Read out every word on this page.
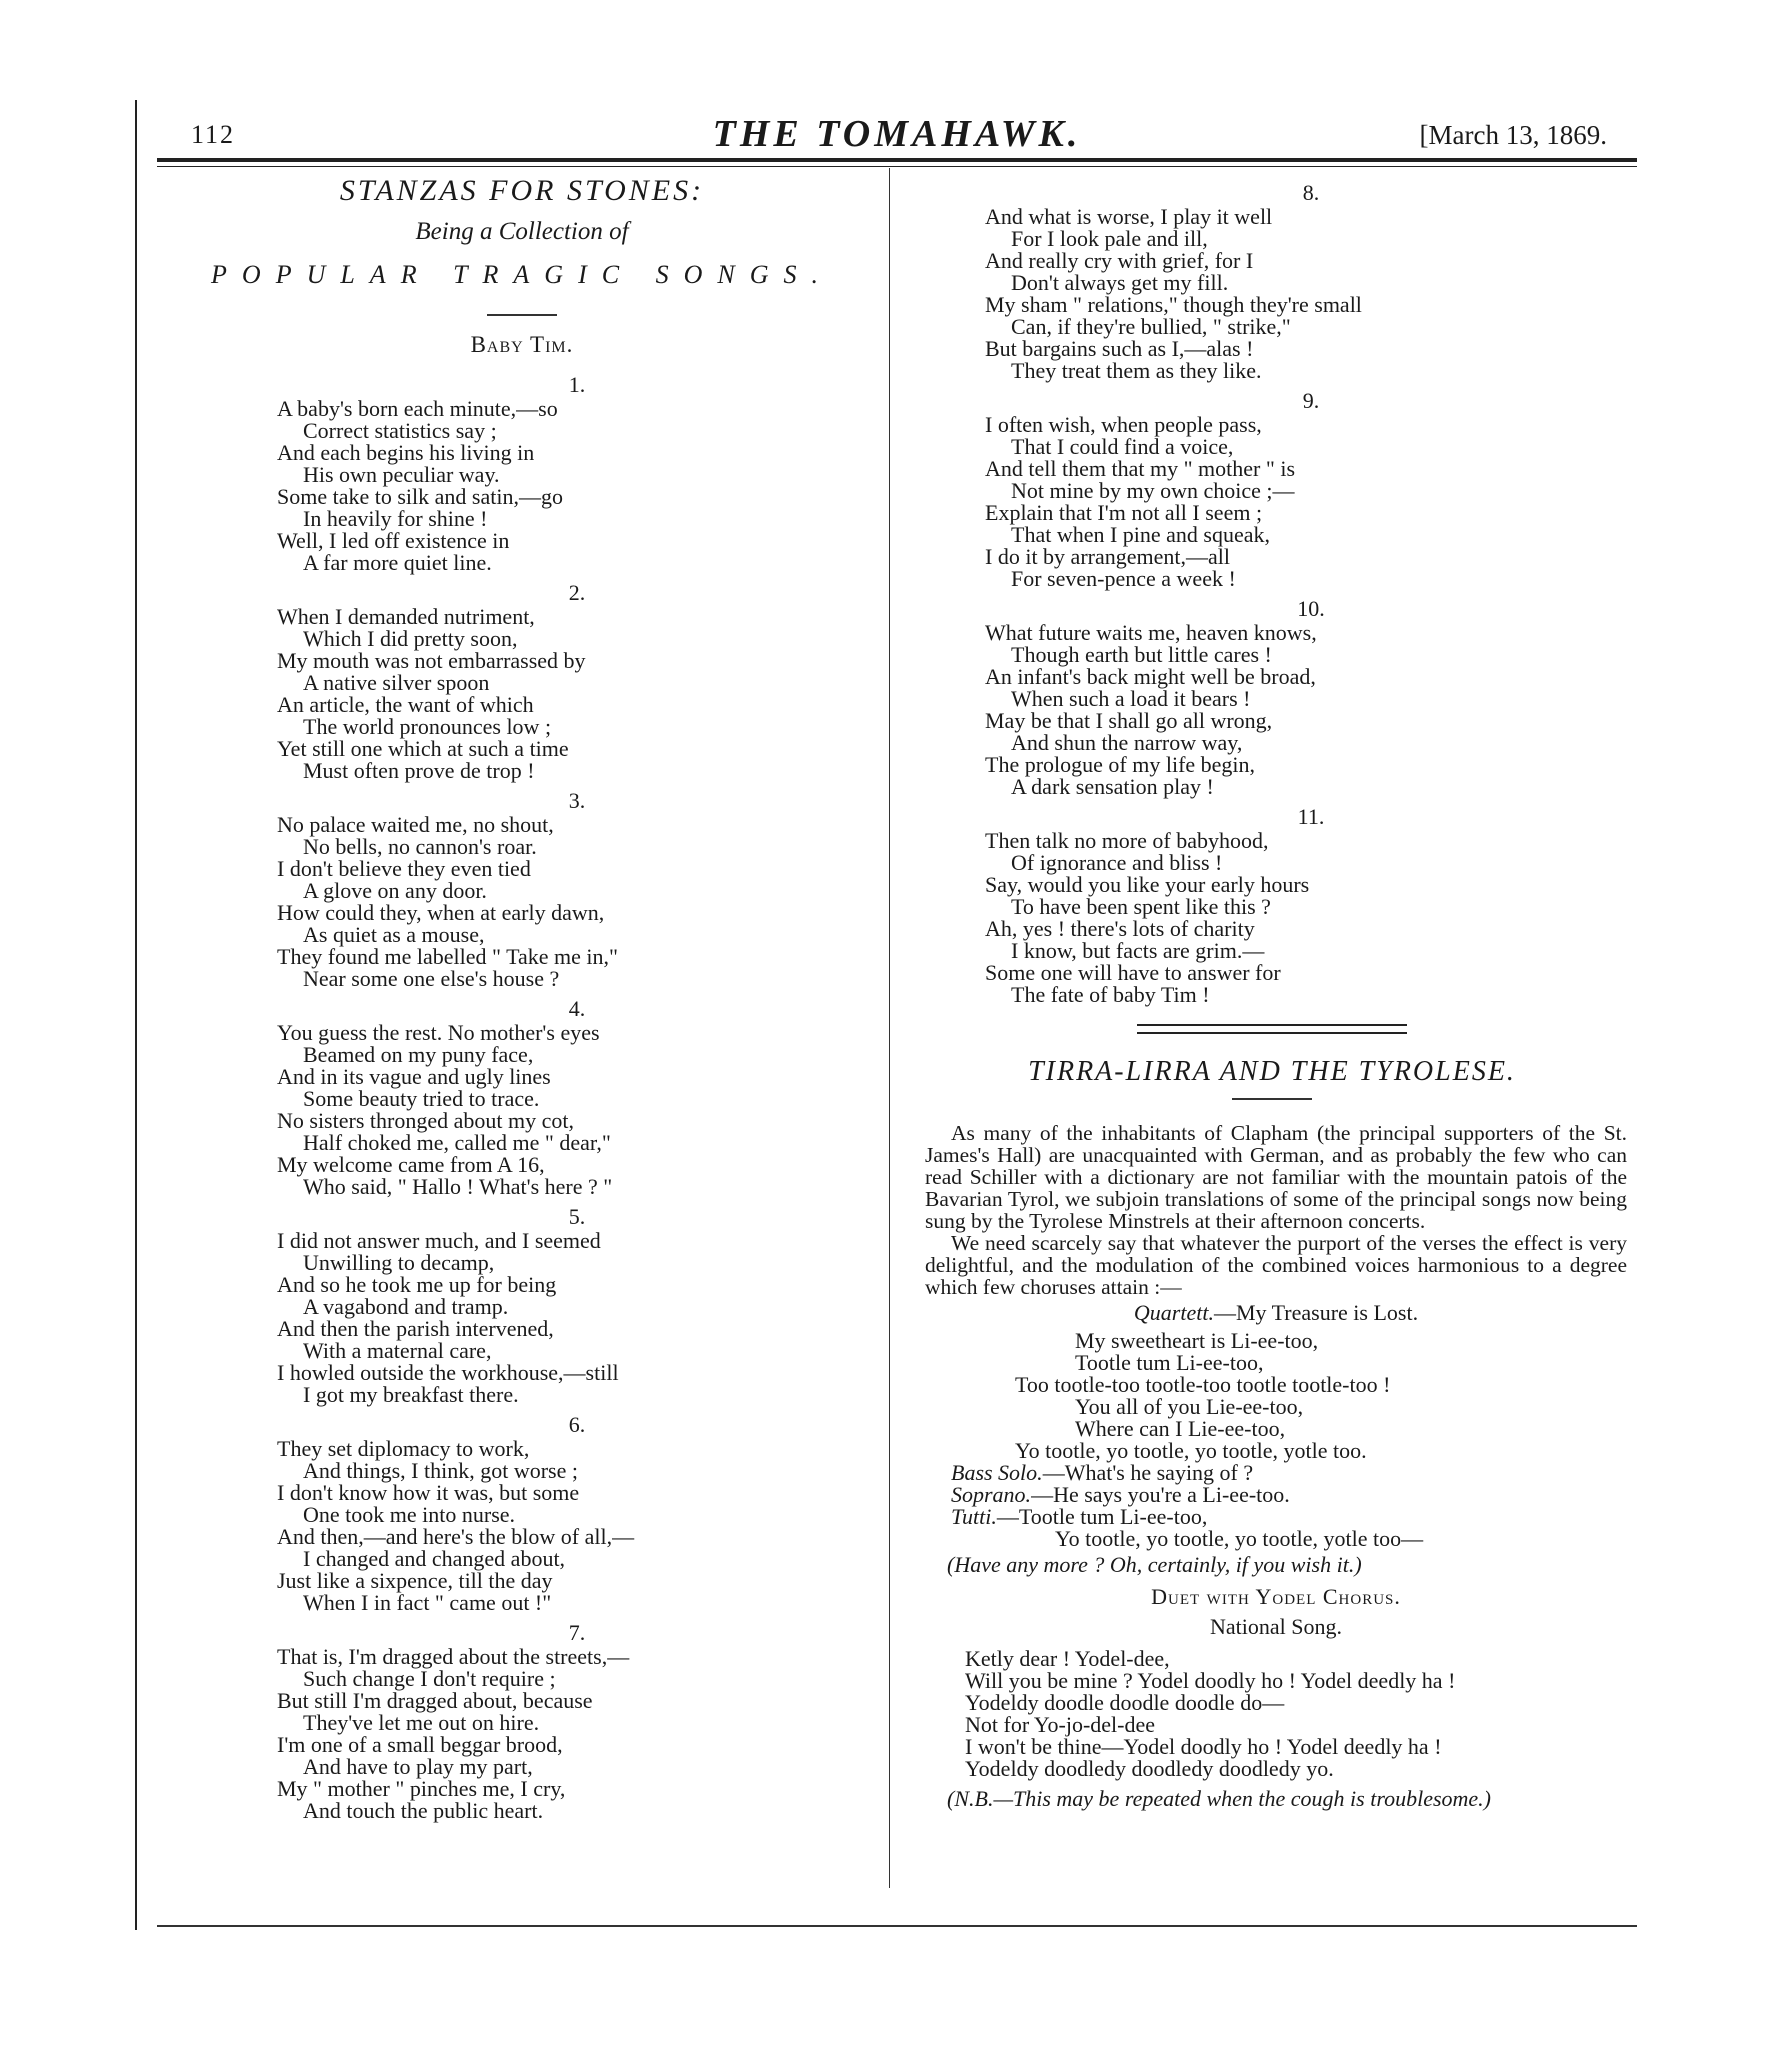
112	THE TOMAHAWK.	[March 13, 1869.
STANZAS FOR STONES:
Being a Collection of
POPULAR TRAGIC SONGS.
Baby Tim.
1.
A baby's born each minute,—so
Correct statistics say ;
And each begins his living in
His own peculiar way.
Some take to silk and satin,—go
In heavily for shine !
Well, I led off existence in
A far more quiet line.
2.
When I demanded nutriment,
Which I did pretty soon,
My mouth was not embarrassed by
A native silver spoon
An article, the want of which
The world pronounces low ;
Yet still one which at such a time
Must often prove de trop !
3.
No palace waited me, no shout,
No bells, no cannon's roar.
I don't believe they even tied
A glove on any door.
How could they, when at early dawn,
As quiet as a mouse,
They found me labelled " Take me in,"
Near some one else's house ?
4.
You guess the rest. No mother's eyes
Beamed on my puny face,
And in its vague and ugly lines
Some beauty tried to trace.
No sisters thronged about my cot,
Half choked me, called me " dear,"
My welcome came from A 16,
Who said, " Hallo ! What's here ? "
5.
I did not answer much, and I seemed
Unwilling to decamp,
And so he took me up for being
A vagabond and tramp.
And then the parish intervened,
With a maternal care,
I howled outside the workhouse,—still
I got my breakfast there.
6.
They set diplomacy to work,
And things, I think, got worse ;
I don't know how it was, but some
One took me into nurse.
And then,—and here's the blow of all,—
I changed and changed about,
Just like a sixpence, till the day
When I in fact " came out !"
7.
That is, I'm dragged about the streets,—
Such change I don't require ;
But still I'm dragged about, because
They've let me out on hire.
I'm one of a small beggar brood,
And have to play my part,
My " mother " pinches me, I cry,
And touch the public heart.
8.
And what is worse, I play it well
For I look pale and ill,
And really cry with grief, for I
Don't always get my fill.
My sham " relations," though they're small
Can, if they're bullied, " strike,"
But bargains such as I,—alas !
They treat them as they like.
9.
I often wish, when people pass,
That I could find a voice,
And tell them that my " mother " is
Not mine by my own choice ;—
Explain that I'm not all I seem ;
That when I pine and squeak,
I do it by arrangement,—all
For seven-pence a week !
10.
What future waits me, heaven knows,
Though earth but little cares !
An infant's back might well be broad,
When such a load it bears !
May be that I shall go all wrong,
And shun the narrow way,
The prologue of my life begin,
A dark sensation play !
11.
Then talk no more of babyhood,
Of ignorance and bliss !
Say, would you like your early hours
To have been spent like this ?
Ah, yes ! there's lots of charity
I know, but facts are grim.—
Some one will have to answer for
The fate of baby Tim !
TIRRA-LIRRA AND THE TYROLESE.

As many of the inhabitants of Clapham (the principal supporters of the St. James's Hall) are unacquainted with German, and as probably the few who can read Schiller with a dictionary are not familiar with the mountain patois of the Bavarian Tyrol, we subjoin translations of some of the principal songs now being sung by the Tyrolese Minstrels at their afternoon concerts.

We need scarcely say that whatever the purport of the verses the effect is very delightful, and the modulation of the combined voices harmonious to a degree which few choruses attain :—

Quartett.—My Treasure is Lost.
My sweetheart is Li-ee-too,
Tootle tum Li-ee-too,
Too tootle-too tootle-too tootle tootle-too !
You all of you Lie-ee-too,
Where can I Lie-ee-too,
Yo tootle, yo tootle, yo tootle, yotle too.
Bass Solo.—What's he saying of ?
Soprano.—He says you're a Li-ee-too.
Tutti.—Tootle tum Li-ee-too,
Yo tootle, yo tootle, yo tootle, yotle too—
(Have any more ? Oh, certainly, if you wish it.)
Duet with Yodel Chorus.
National Song.
Ketly dear ! Yodel-dee,
Will you be mine ? Yodel doodly ho ! Yodel deedly ha !
Yodeldy doodle doodle doodle do—
Not for Yo-jo-del-dee
I won't be thine—Yodel doodly ho ! Yodel deedly ha !
Yodeldy doodledy doodledy doodledy yo.
(N.B.—This may be repeated when the cough is troublesome.)
